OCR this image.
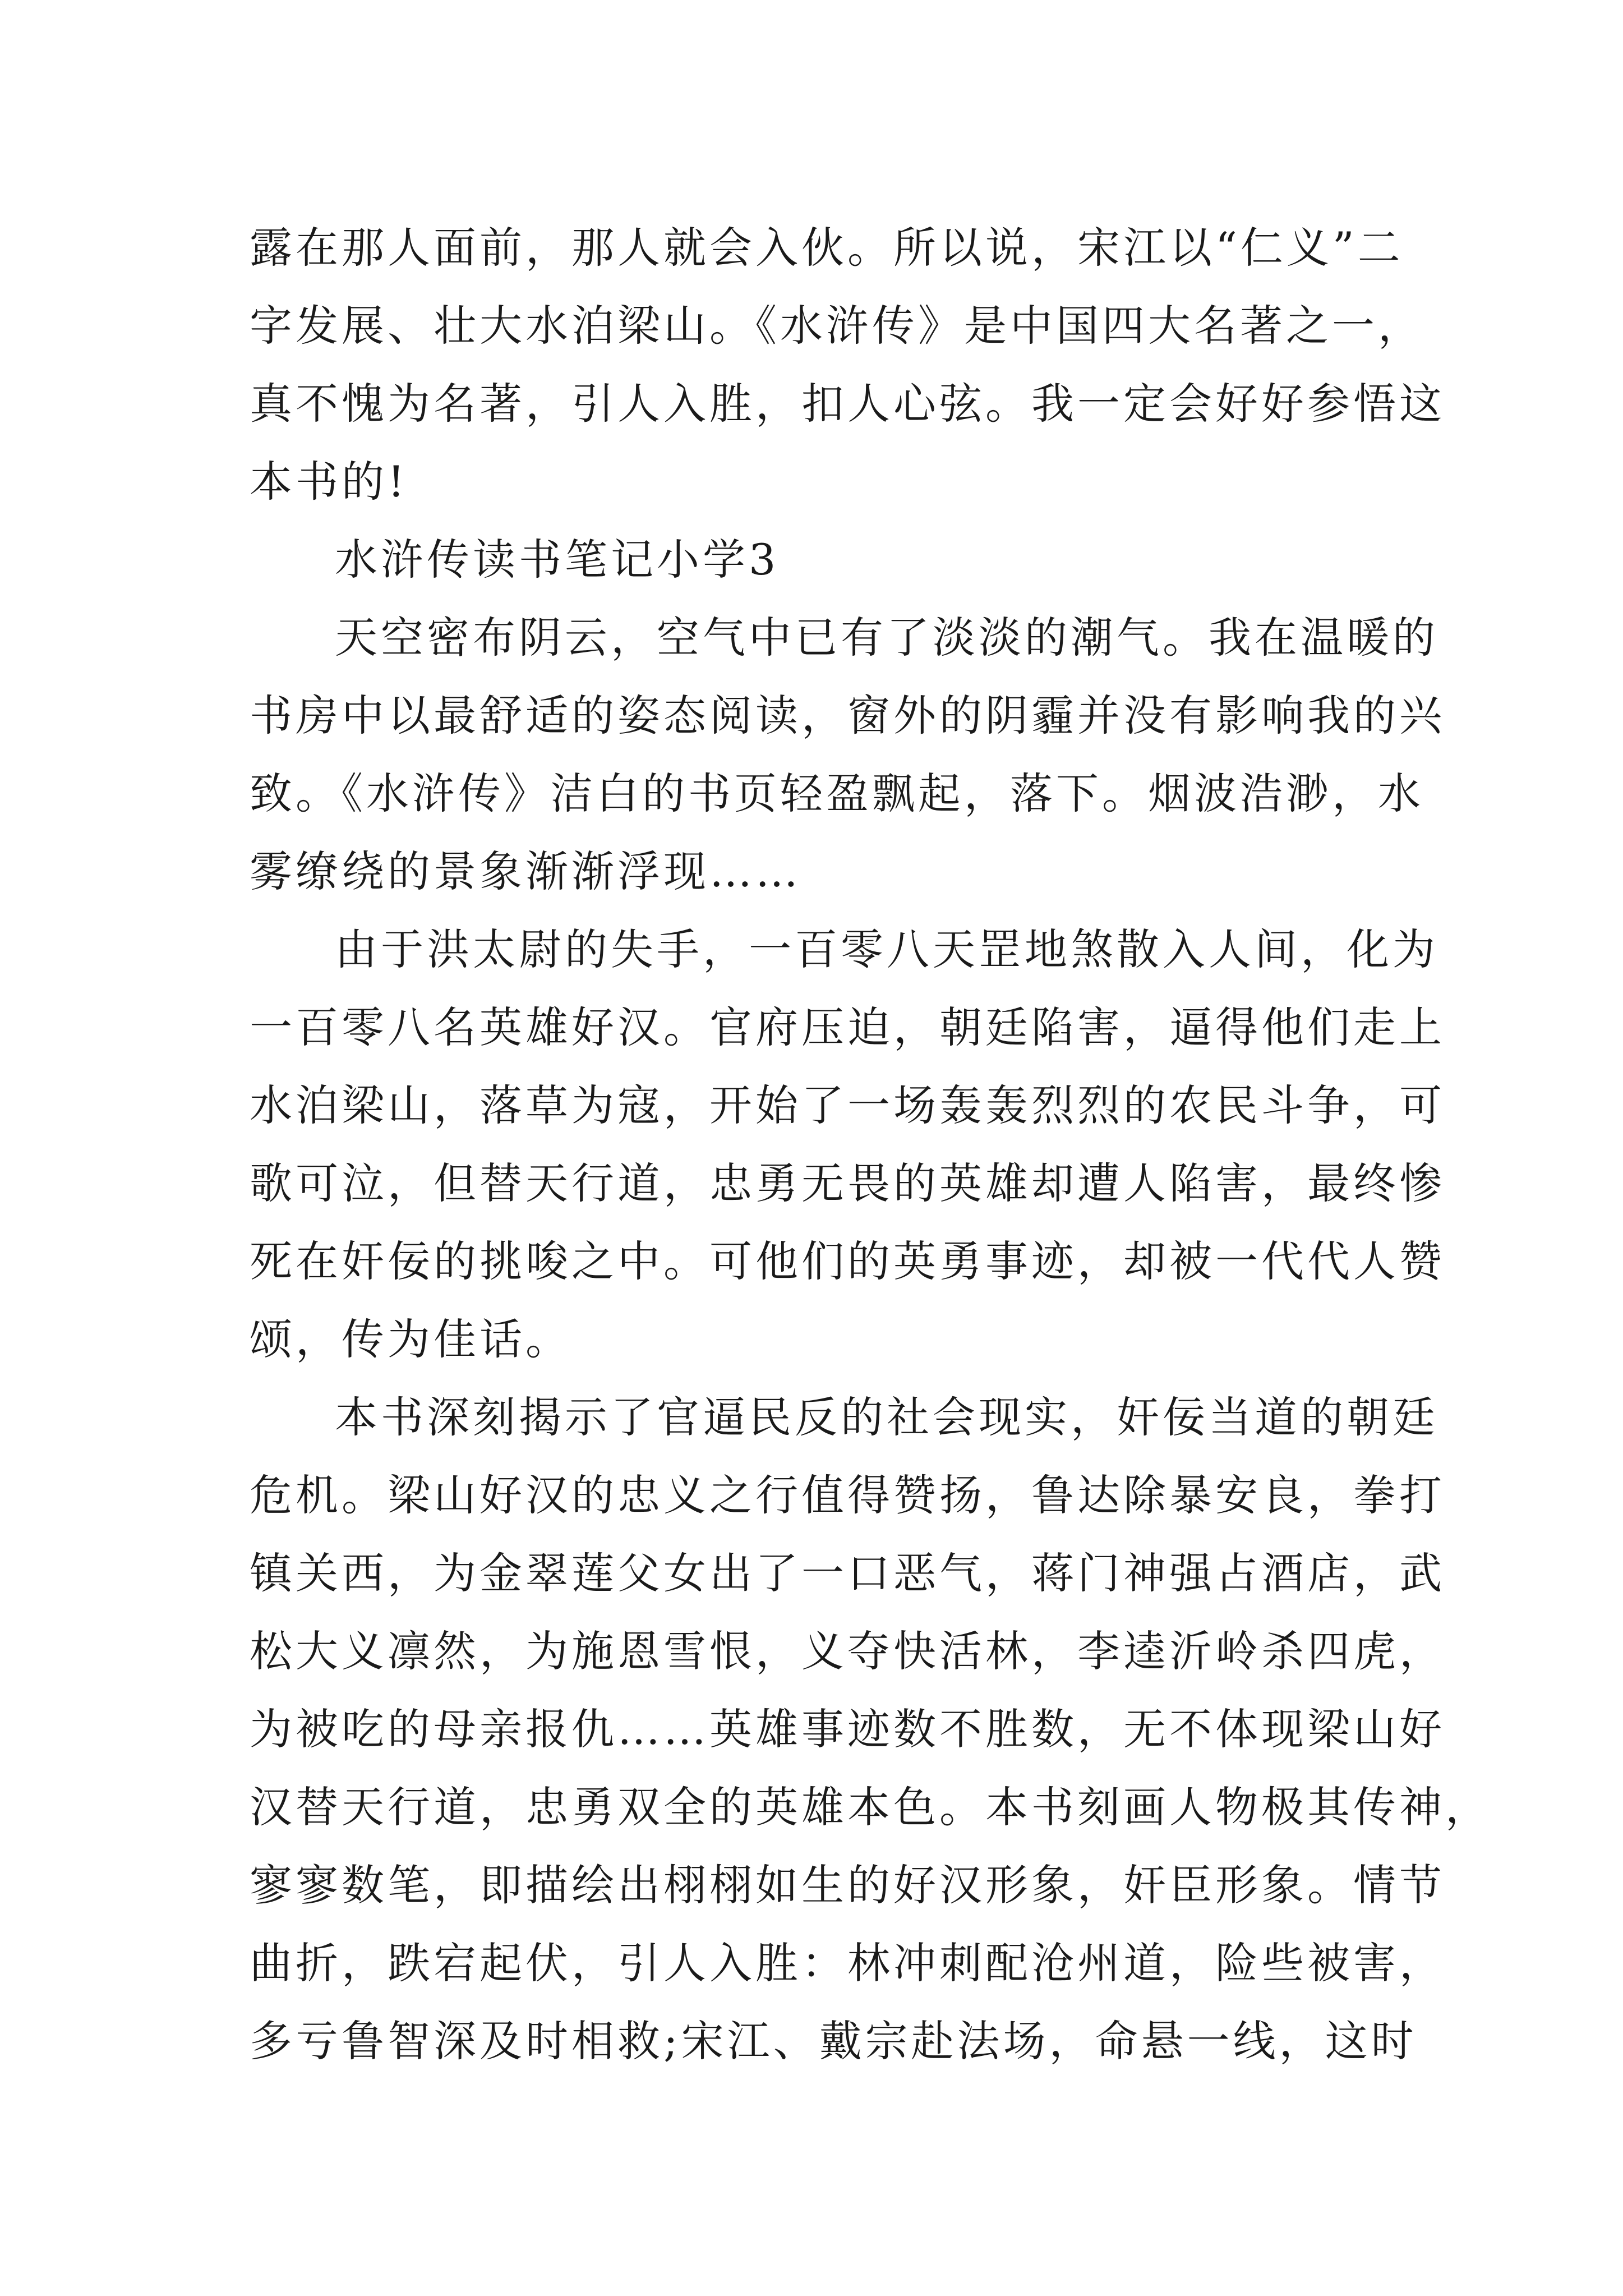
露在那人面前，那人就会入伙。所以说，宋江以“仁义”二
字发展、壮大水泊梁山。《水浒传》是中国四大名著之一，
真不愧为名著，引人入胜，扣人心弦。我一定会好好参悟这
本书的!
水浒传读书笔记小学3
天空密布阴云，空气中已有了淡淡的潮气。我在温暖的
书房中以最舒适的姿态阅读，窗外的阴霾并没有影响我的兴
致。《水浒传》洁白的书页轻盈飘起，落下。烟波浩渺，水
雾缭绕的景象渐渐浮现……
由于洪太尉的失手，一百零八天罡地煞散入人间，化为
一百零八名英雄好汉。官府压迫，朝廷陷害，逼得他们走上
水泊梁山，落草为寇，开始了一场轰轰烈烈的农民斗争，可
歌可泣，但替天行道，忠勇无畏的英雄却遭人陷害，最终惨
死在奸佞的挑唆之中。可他们的英勇事迹，却被一代代人赞
颂，传为佳话。
本书深刻揭示了官逼民反的社会现实，奸佞当道的朝廷
危机。梁山好汉的忠义之行值得赞扬，鲁达除暴安良，拳打
镇关西，为金翠莲父女出了一口恶气，蒋门神强占酒店，武
松大义凛然，为施恩雪恨，义夺快活林，李逵沂岭杀四虎，
为被吃的母亲报仇……英雄事迹数不胜数，无不体现梁山好
汉替天行道，忠勇双全的英雄本色。本书刻画人物极其传神，
寥寥数笔，即描绘出栩栩如生的好汉形象，奸臣形象。情节
曲折，跌宕起伏，引人入胜：林冲刺配沧州道，险些被害，
多亏鲁智深及时相救;宋江、戴宗赴法场，命悬一线，这时
